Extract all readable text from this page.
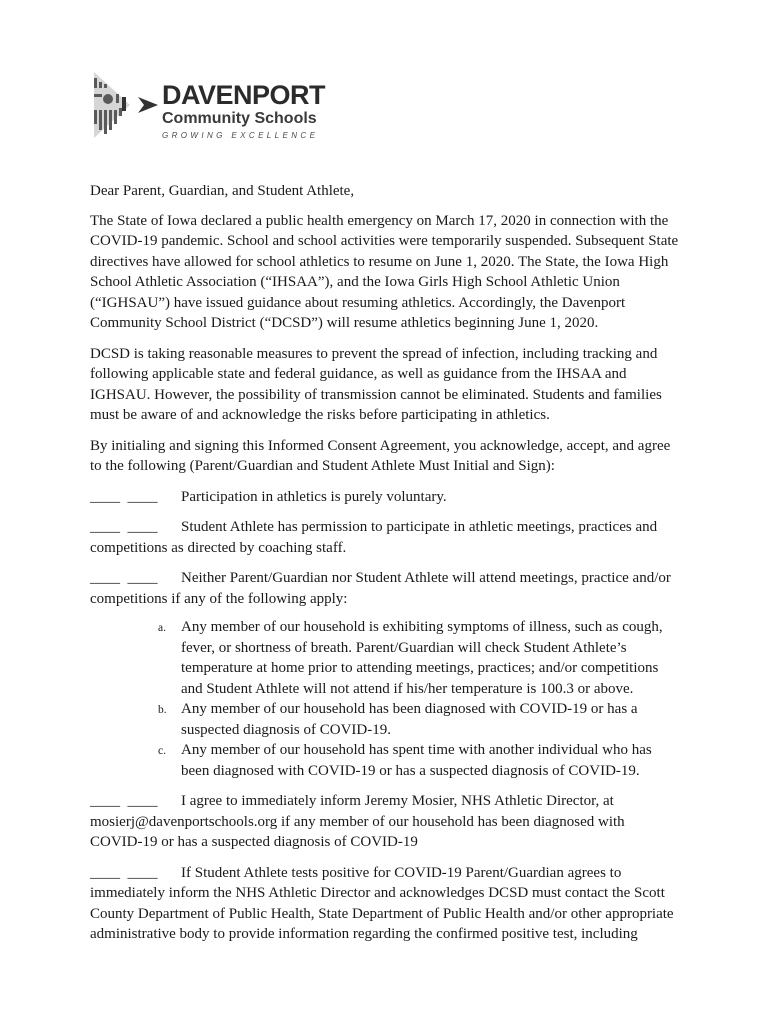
DAVENPORT
Community Schools
GROWING EXCELLENCE

Dear Parent, Guardian, and Student Athlete,

The State of Iowa declared a public health emergency on March 17, 2020 in connection with the COVID-19 pandemic. School and school activities were temporarily suspended. Subsequent State directives have allowed for school athletics to resume on June 1, 2020. The State, the Iowa High School Athletic Association (“IHSAA”), and the Iowa Girls High School Athletic Union (“IGHSAU”) have issued guidance about resuming athletics. Accordingly, the Davenport Community School District (“DCSD”) will resume athletics beginning June 1, 2020.

DCSD is taking reasonable measures to prevent the spread of infection, including tracking and following applicable state and federal guidance, as well as guidance from the IHSAA and IGHSAU. However, the possibility of transmission cannot be eliminated. Students and families must be aware of and acknowledge the risks before participating in athletics.

By initialing and signing this Informed Consent Agreement, you acknowledge, accept, and agree to the following (Parent/Guardian and Student Athlete Must Initial and Sign):

____  ____ Participation in athletics is purely voluntary.
____  ____ Student Athlete has permission to participate in athletic meetings, practices and competitions as directed by coaching staff.
____  ____ Neither Parent/Guardian nor Student Athlete will attend meetings, practice and/or competitions if any of the following apply:
a. Any member of our household is exhibiting symptoms of illness, such as cough, fever, or shortness of breath. Parent/Guardian will check Student Athlete’s temperature at home prior to attending meetings, practices; and/or competitions and Student Athlete will not attend if his/her temperature is 100.3 or above.
b. Any member of our household has been diagnosed with COVID-19 or has a suspected diagnosis of COVID-19.
c. Any member of our household has spent time with another individual who has been diagnosed with COVID-19 or has a suspected diagnosis of COVID-19.
____  ____ I agree to immediately inform Jeremy Mosier, NHS Athletic Director, at mosierj@davenportschools.org if any member of our household has been diagnosed with COVID-19 or has a suspected diagnosis of COVID-19
____  ____ If Student Athlete tests positive for COVID-19 Parent/Guardian agrees to immediately inform the NHS Athletic Director and acknowledges DCSD must contact the Scott County Department of Public Health, State Department of Public Health and/or other appropriate administrative body to provide information regarding the confirmed positive test, including
